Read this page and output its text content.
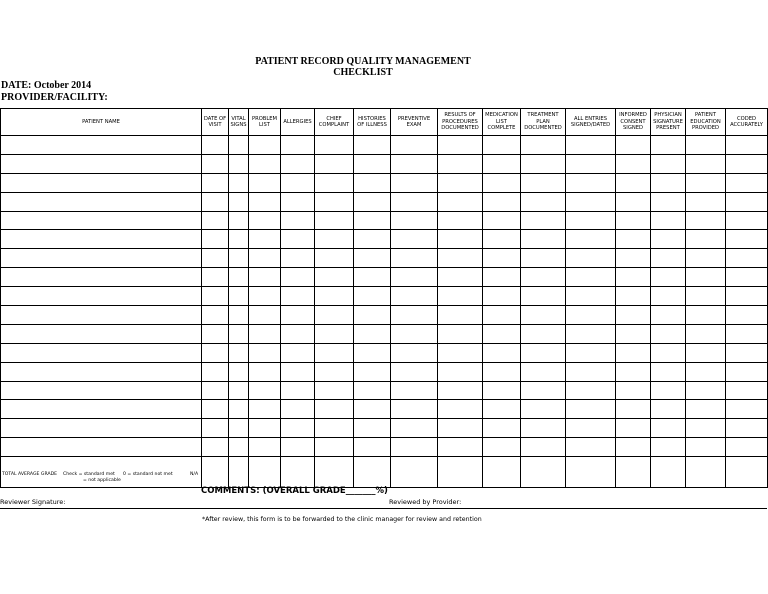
PATIENT RECORD QUALITY MANAGEMENT
CHECKLIST
DATE: October 2014
PROVIDER/FACILITY:
PATIENT NAME	DATE OF VISIT	VITAL SIGNS	PROBLEM LIST	ALLERGIES	CHIEF COMPLAINT	HISTORIES OF ILLNESS	PREVENTIVE EXAM	RESULTS OF PROCEDURES DOCUMENTED	MEDICATION LIST COMPLETE	TREATMENT PLAN DOCUMENTED	ALL ENTRIES SIGNED/DATED	INFORMED CONSENT SIGNED	PHYSICIAN SIGNATURE PRESENT	PATIENT EDUCATION PROVIDED	CODED ACCURATELY

TOTAL AVERAGE GRADE Check = standard met 0 = standard not met
= not applicable
N/A															

COMMENTS: (OVERALL GRADE_______%)
Reviewer Signature:	Reviewed by Provider:
*After review, this form is to be forwarded to the clinic manager for review and retention
